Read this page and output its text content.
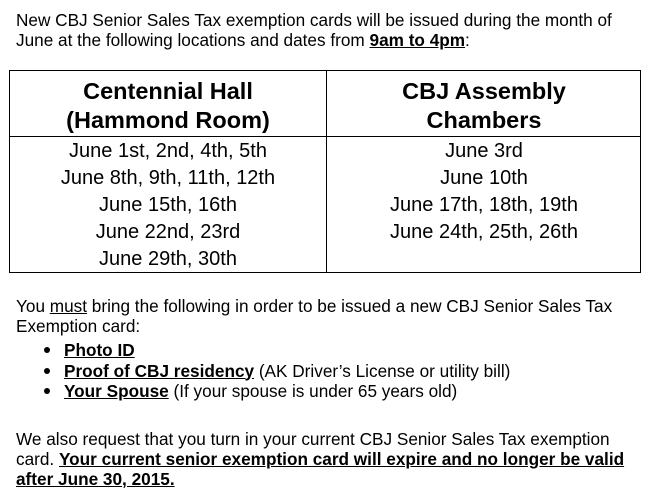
New CBJ Senior Sales Tax exemption cards will be issued during the month of June at the following locations and dates from 9am to 4pm:

Centennial Hall
(Hammond Room)
June 1st, 2nd, 4th, 5th
June 8th, 9th, 11th, 12th
June 15th, 16th
June 22nd, 23rd
June 29th, 30th
CBJ Assembly
Chambers
June 3rd
June 10th
June 17th, 18th, 19th
June 24th, 25th, 26th

You must bring the following in order to be issued a new CBJ Senior Sales Tax Exemption card:

Photo ID
Proof of CBJ residency (AK Driver’s License or utility bill)
Your Spouse (If your spouse is under 65 years old)

We also request that you turn in your current CBJ Senior Sales Tax exemption card. Your current senior exemption card will expire and no longer be valid after June 30, 2015.
